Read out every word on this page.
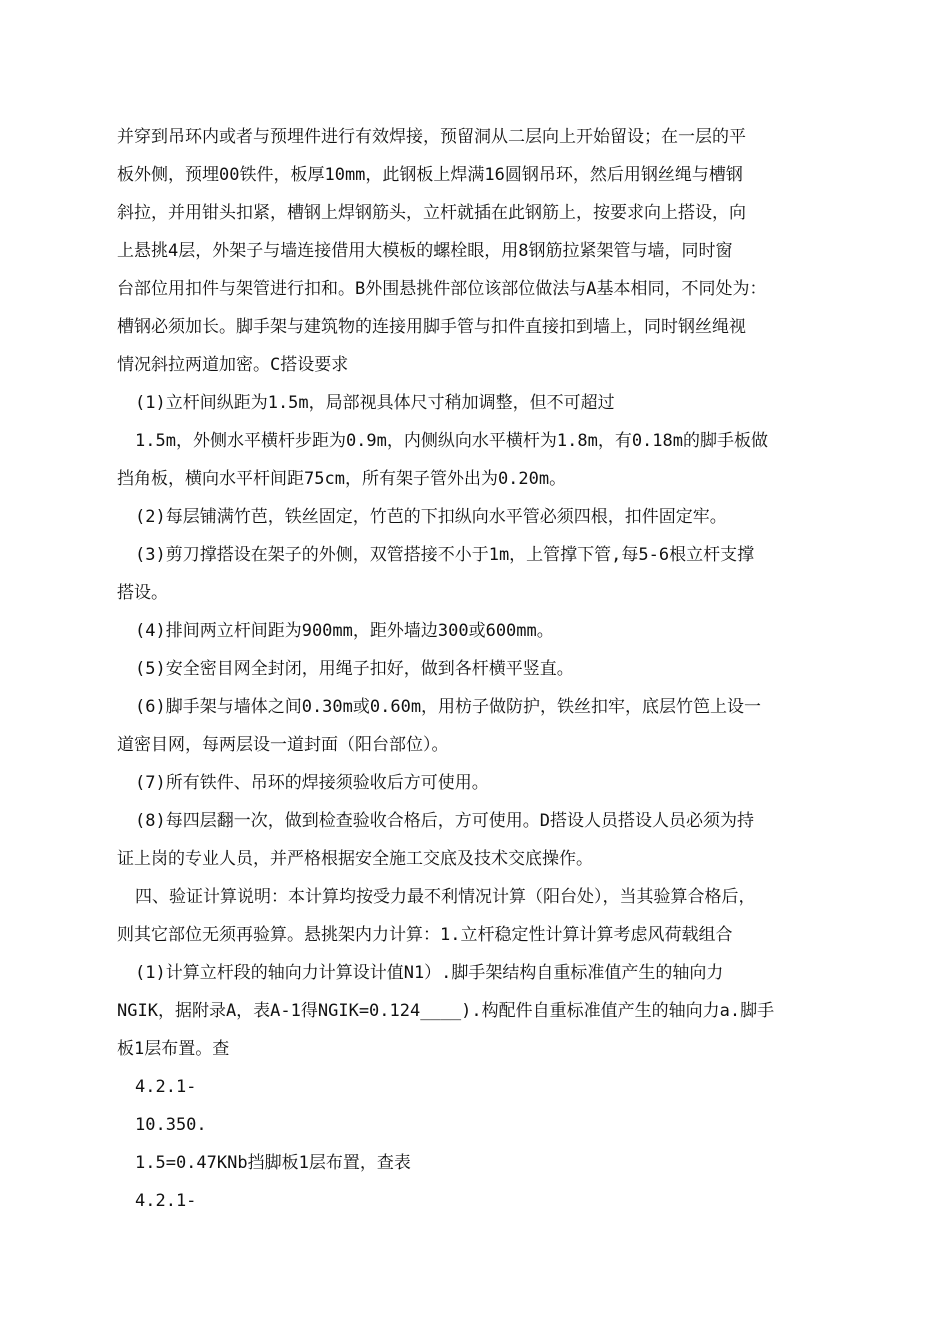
并穿到吊环内或者与预埋件进行有效焊接，预留洞从二层向上开始留设；在一层的平
板外侧，预埋00铁件，板厚10mm，此钢板上焊满16圆钢吊环，然后用钢丝绳与槽钢
斜拉，并用钳头扣紧，槽钢上焊钢筋头，立杆就插在此钢筋上，按要求向上搭设，向
上悬挑4层，外架子与墙连接借用大模板的螺栓眼，用8钢筋拉紧架管与墙，同时窗
台部位用扣件与架管进行扣和。B外围悬挑件部位该部位做法与A基本相同，不同处为：
槽钢必须加长。脚手架与建筑物的连接用脚手管与扣件直接扣到墙上，同时钢丝绳视
情况斜拉两道加密。C搭设要求
(1)立杆间纵距为1.5m，局部视具体尺寸稍加调整，但不可超过
1.5m，外侧水平横杆步距为0.9m，内侧纵向水平横杆为1.8m，有0.18m的脚手板做
挡角板，横向水平杆间距75cm，所有架子管外出为0.20m。
(2)每层铺满竹芭，铁丝固定，竹芭的下扣纵向水平管必须四根，扣件固定牢。
(3)剪刀撑搭设在架子的外侧，双管搭接不小于1m，上管撑下管,每5-6根立杆支撑
搭设。
(4)排间两立杆间距为900mm，距外墙边300或600mm。
(5)安全密目网全封闭，用绳子扣好，做到各杆横平竖直。
(6)脚手架与墙体之间0.30m或0.60m，用枋子做防护，铁丝扣牢，底层竹笆上设一
道密目网，每两层设一道封面（阳台部位）。
(7)所有铁件、吊环的焊接须验收后方可使用。
(8)每四层翻一次，做到检查验收合格后，方可使用。D搭设人员搭设人员必须为持
证上岗的专业人员，并严格根据安全施工交底及技术交底操作。
四、验证计算说明：本计算均按受力最不利情况计算（阳台处），当其验算合格后，
则其它部位无须再验算。悬挑架内力计算：1.立杆稳定性计算计算考虑风荷载组合
(1)计算立杆段的轴向力计算设计值N1）.脚手架结构自重标准值产生的轴向力
NGIK，据附录A，表A-1得NGIK=0.124____).构配件自重标准值产生的轴向力a.脚手
板1层布置。查
4.2.1-
10.350.
1.5=0.47KNb挡脚板1层布置，查表
4.2.1-
